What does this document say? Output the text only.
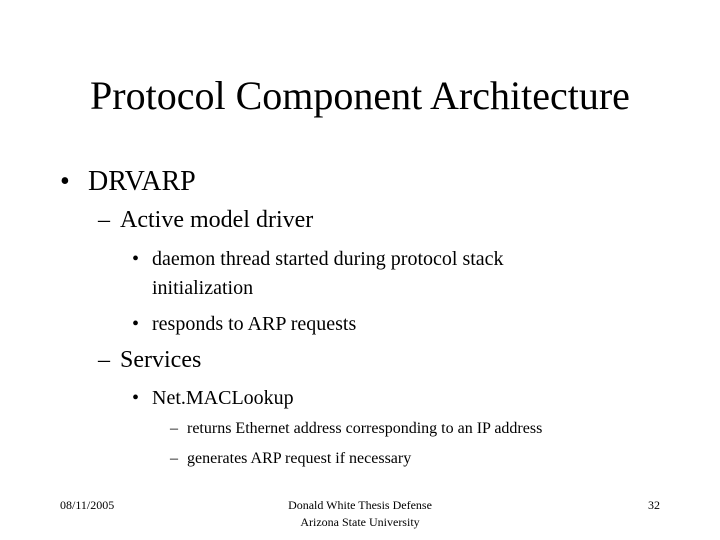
Protocol Component Architecture
• DRVARP
– Active model driver
• daemon thread started during protocol stack
initialization
• responds to ARP requests
– Services
• Net.MACLookup
– returns Ethernet address corresponding to an IP address
– generates ARP request if necessary
08/11/2005	Donald White Thesis Defense
Arizona State University
32
